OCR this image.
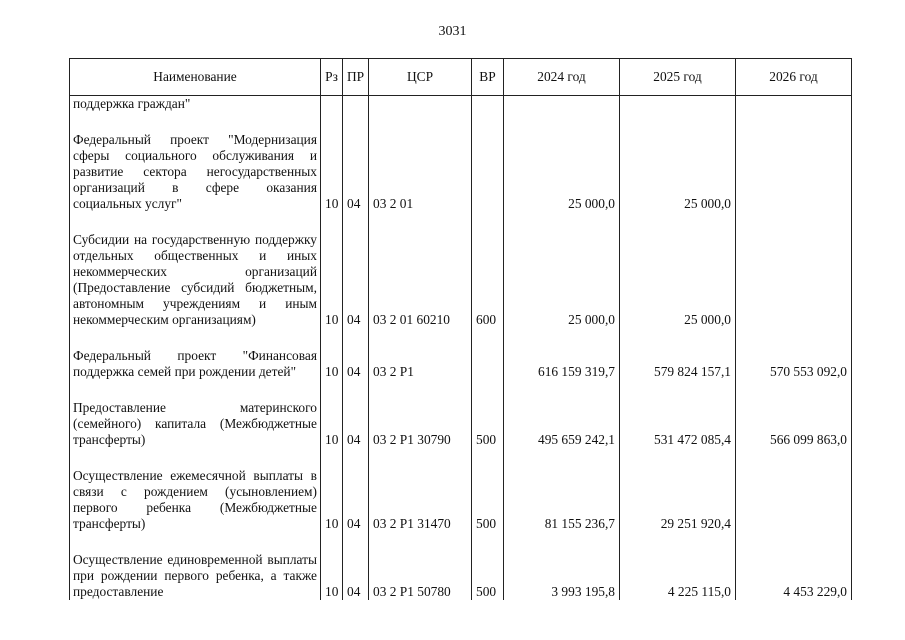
3031
Наименование	Рз	ПР	ЦСР	ВР	2024 год	2025 год	2026 год
поддержка граждан"							

Федеральный проект "Модернизация сферы социального обслуживания и развитие сектора негосударственных организаций в сфере оказания социальных услуг"	10	04	03 2 01		25 000,0	25 000,0	

Субсидии на государственную поддержку отдельных общественных и иных некоммерческих организаций (Предоставление субсидий бюджетным, автономным учреждениям и иным некоммерческим организациям)	10	04	03 2 01 60210	600	25 000,0	25 000,0	

Федеральный проект "Финансовая поддержка семей при рождении детей"	10	04	03 2 P1		616 159 319,7	579 824 157,1	570 553 092,0

Предоставление материнского (семейного) капитала (Межбюджетные трансферты)	10	04	03 2 P1 30790	500	495 659 242,1	531 472 085,4	566 099 863,0

Осуществление ежемесячной выплаты в связи с рождением (усыновлением) первого ребенка (Межбюджетные трансферты)	10	04	03 2 P1 31470	500	81 155 236,7	29 251 920,4	

Осуществление единовременной выплаты при рождении первого ребенка, а также предоставление	10	04	03 2 P1 50780	500	3 993 195,8	4 225 115,0	4 453 229,0
